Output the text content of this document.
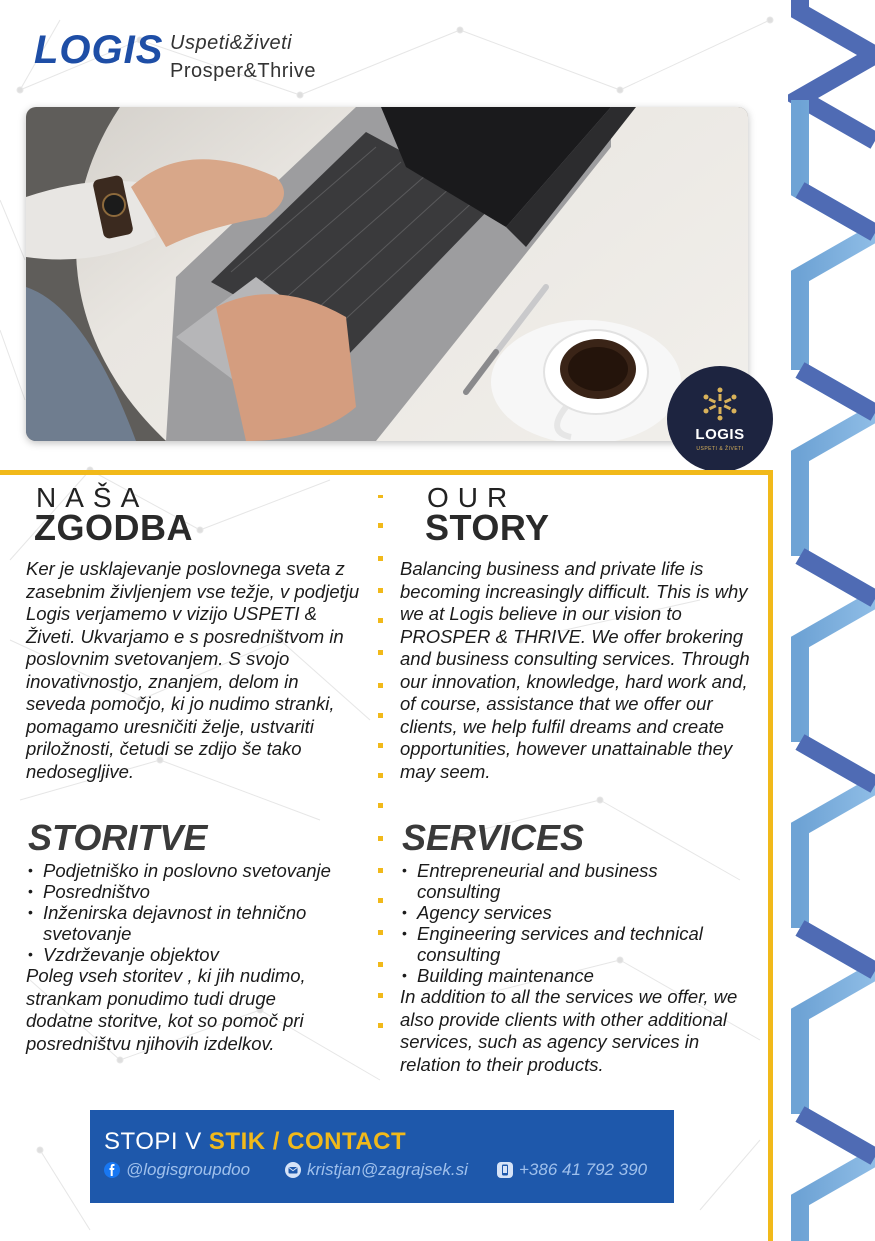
LOGIS Uspeti&živeti
Prosper&Thrive
LOGIS
USPETI & ŽIVETI
NAŠA
ZGODBA
Ker je usklajevanje poslovnega sveta z zasebnim življenjem vse težje, v podjetju Logis verjamemo v vizijo USPETI & Živeti. Ukvarjamo e s posredništvom in poslovnim svetovanjem. S svojo inovativnostjo, znanjem, delom in seveda pomočjo, ki jo nudimo stranki, pomagamo uresničiti želje, ustvariti priložnosti, četudi se zdijo še tako nedosegljive.
STORITVE
• Podjetniško in poslovno svetovanje
• Posredništvo
• Inženirska dejavnost in tehnično svetovanje
• Vzdrževanje objektov
Poleg vseh storitev , ki jih nudimo, strankam ponudimo tudi druge dodatne storitve, kot so pomoč pri posredništvu njihovih izdelkov.
OUR
STORY
Balancing business and private life is becoming increasingly difficult. This is why we at Logis believe in our vision to PROSPER & THRIVE. We offer brokering and business consulting services. Through our innovation, knowledge, hard work and, of course, assistance that we offer our clients, we help fulfil dreams and create opportunities, however unattainable they may seem.
SERVICES
• Entrepreneurial and business consulting
• Agency services
• Engineering services and technical consulting
• Building maintenance
In addition to all the services we offer, we also provide clients with other additional services, such as agency services in relation to their products.
STOPI V STIK / CONTACT
@logisgroupdoo	kristjan@zagrajsek.si	+386 41 792 390
